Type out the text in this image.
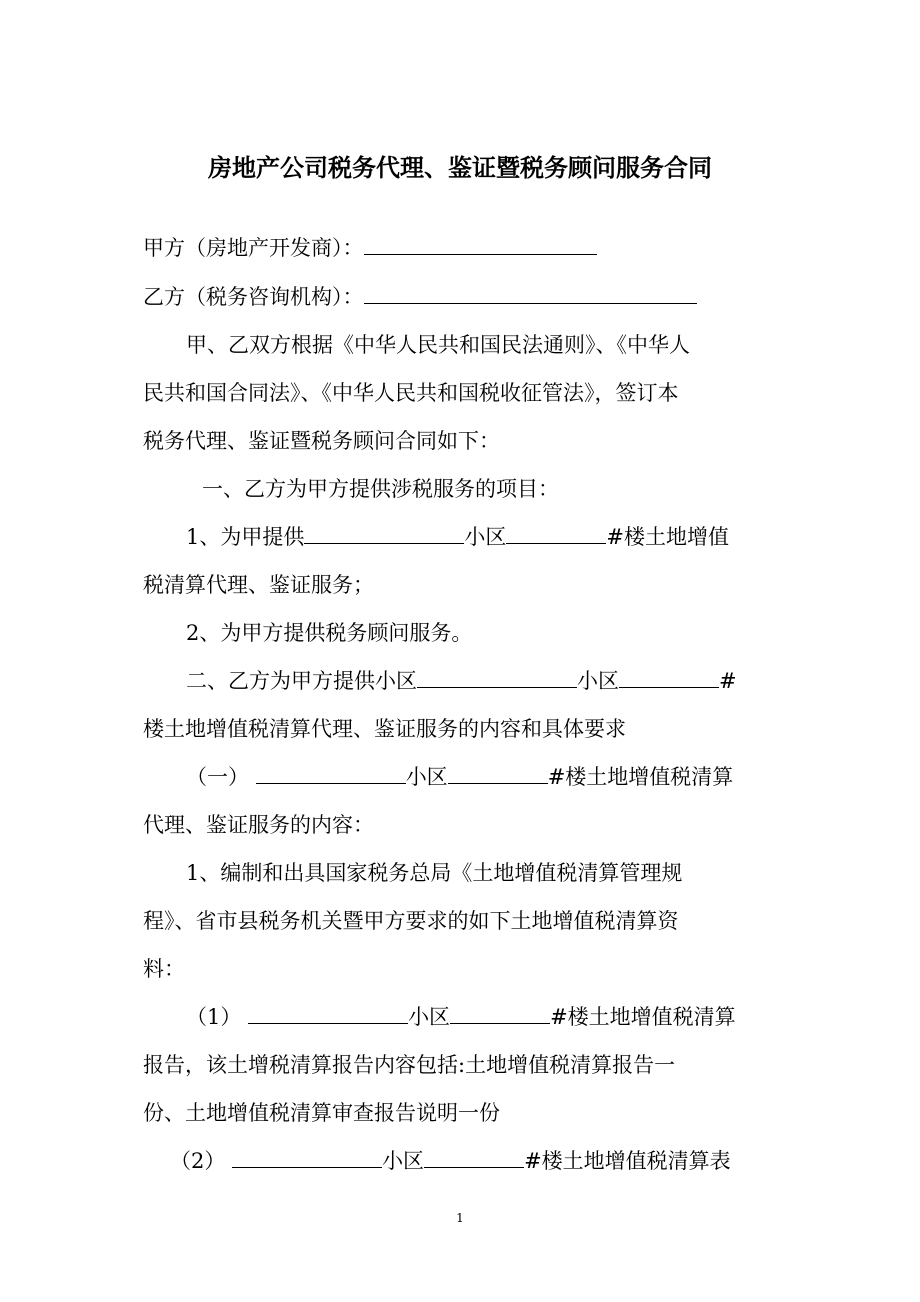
房地产公司税务代理、鉴证暨税务顾问服务合同

甲方（房地产开发商）：

乙方（税务咨询机构）：

甲、乙双方根据《中华人民共和国民法通则》、《中华人

民共和国合同法》、《中华人民共和国税收征管法》，签订本

税务代理、鉴证暨税务顾问合同如下：

一、乙方为甲方提供涉税服务的项目：

1、为甲提供	小区	#楼土地增值

税清算代理、鉴证服务；

2、为甲方提供税务顾问服务。

二、乙方为甲方提供小区	小区	#

楼土地增值税清算代理、鉴证服务的内容和具体要求

（一）	小区	#楼土地增值税清算

代理、鉴证服务的内容：

1、编制和出具国家税务总局《土地增值税清算管理规

程》、省市县税务机关暨甲方要求的如下土地增值税清算资

料：

（1）	小区	#楼土地增值税清算

报告，该土增税清算报告内容包括:土地增值税清算报告一

份、土地增值税清算审查报告说明一份

（2）	小区	#楼土地增值税清算表

1
